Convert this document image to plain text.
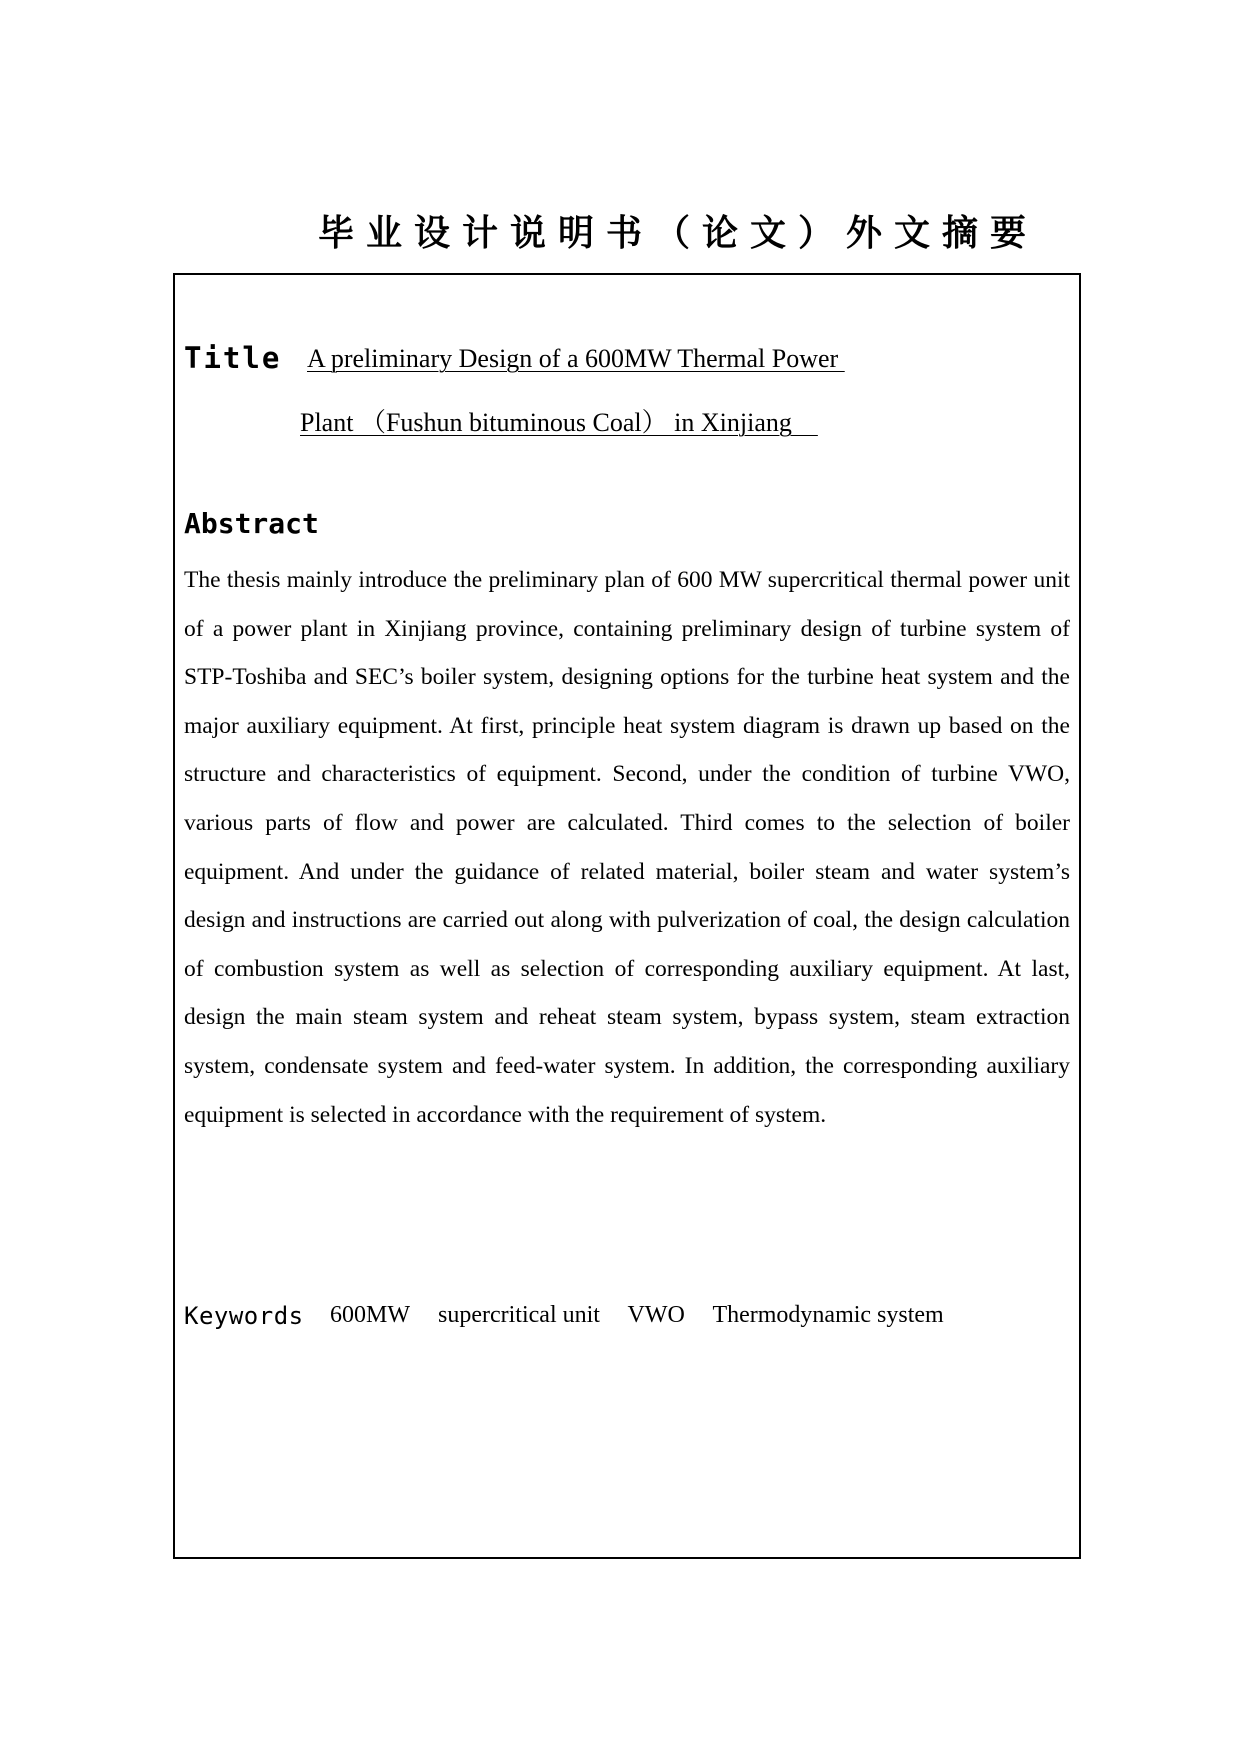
毕业设计说明书（论文）外文摘要
Title A preliminary Design of a 600MW Thermal Power
Plant （Fushun bituminous Coal） in Xinjiang
Abstract

The thesis mainly introduce the preliminary plan of 600 MW supercritical thermal power unit of a power plant in Xinjiang province, containing preliminary design of turbine system of STP-Toshiba and SEC’s boiler system, designing options for the turbine heat system and the major auxiliary equipment. At first, principle heat system diagram is drawn up based on the structure and characteristics of equipment. Second, under the condition of turbine VWO, various parts of flow and power are calculated. Third comes to the selection of boiler equipment. And under the guidance of related material, boiler steam and water system’s design and instructions are carried out along with pulverization of coal, the design calculation of combustion system as well as selection of corresponding auxiliary equipment. At last, design the main steam system and reheat steam system, bypass system, steam extraction system, condensate system and feed-water system. In addition, the corresponding auxiliary equipment is selected in accordance with the requirement of system.

Keywords 600MW supercritical unit VWO Thermodynamic system
